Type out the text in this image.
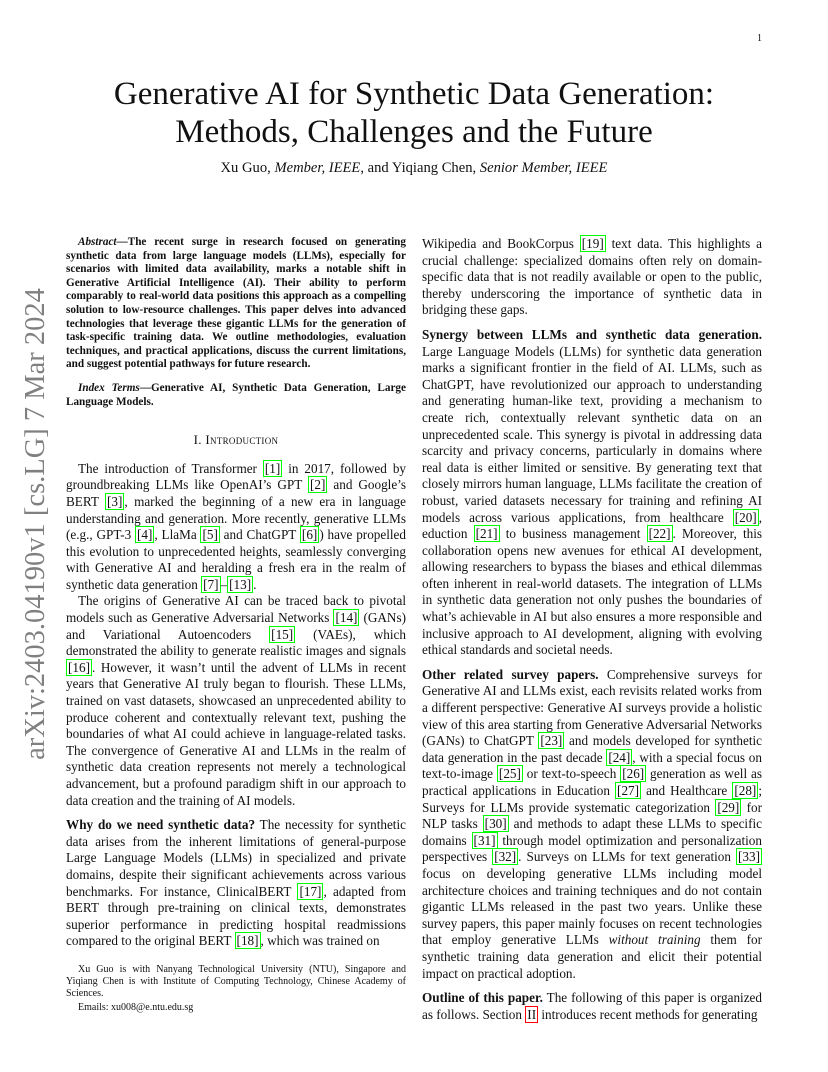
1
arXiv:2403.04190v1 [cs.LG] 7 Mar 2024
Generative AI for Synthetic Data Generation:
Methods, Challenges and the Future
Xu Guo, Member, IEEE, and Yiqiang Chen, Senior Member, IEEE

Abstract—The recent surge in research focused on generating synthetic data from large language models (LLMs), especially for scenarios with limited data availability, marks a notable shift in Generative Artificial Intelligence (AI). Their ability to perform comparably to real-world data positions this approach as a compelling solution to low-resource challenges. This paper delves into advanced technologies that leverage these gigantic LLMs for the generation of task-specific training data. We outline methodologies, evaluation techniques, and practical applications, discuss the current limitations, and suggest potential pathways for future research.

Index Terms—Generative AI, Synthetic Data Generation, Large Language Models.

I. Introduction

The introduction of Transformer [1] in 2017, followed by groundbreaking LLMs like OpenAI’s GPT [2] and Google’s BERT [3] , marked the beginning of a new era in language understanding and generation. More recently, generative LLMs (e.g., GPT-3 [4] , LlaMa [5] and ChatGPT [6] ) have propelled this evolution to unprecedented heights, seamlessly converging with Generative AI and heralding a fresh era in the realm of synthetic data generation [7] – [13] .

The origins of Generative AI can be traced back to pivotal models such as Generative Adversarial Networks [14] (GANs) and Variational Autoencoders [15] (VAEs), which demonstrated the ability to generate realistic images and signals [16] . However, it wasn’t until the advent of LLMs in recent years that Generative AI truly began to flourish. These LLMs, trained on vast datasets, showcased an unprecedented ability to produce coherent and contextually relevant text, pushing the boundaries of what AI could achieve in language-related tasks. The convergence of Generative AI and LLMs in the realm of synthetic data creation represents not merely a technological advancement, but a profound paradigm shift in our approach to data creation and the training of AI models.

Why do we need synthetic data? The necessity for synthetic data arises from the inherent limitations of general-purpose Large Language Models (LLMs) in specialized and private domains, despite their significant achievements across various benchmarks. For instance, ClinicalBERT [17] , adapted from BERT through pre-training on clinical texts, demonstrates superior performance in predicting hospital readmissions compared to the original BERT [18] , which was trained on

Xu Guo is with Nanyang Technological University (NTU), Singapore and Yiqiang Chen is with Institute of Computing Technology, Chinese Academy of Sciences.

Emails: xu008@e.ntu.edu.sg

Wikipedia and BookCorpus [19] text data. This highlights a crucial challenge: specialized domains often rely on domain-specific data that is not readily available or open to the public, thereby underscoring the importance of synthetic data in bridging these gaps.

Synergy between LLMs and synthetic data generation. Large Language Models (LLMs) for synthetic data generation marks a significant frontier in the field of AI. LLMs, such as ChatGPT, have revolutionized our approach to understanding and generating human-like text, providing a mechanism to create rich, contextually relevant synthetic data on an unprecedented scale. This synergy is pivotal in addressing data scarcity and privacy concerns, particularly in domains where real data is either limited or sensitive. By generating text that closely mirrors human language, LLMs facilitate the creation of robust, varied datasets necessary for training and refining AI models across various applications, from healthcare [20] , eduction [21] to business management [22] . Moreover, this collaboration opens new avenues for ethical AI development, allowing researchers to bypass the biases and ethical dilemmas often inherent in real-world datasets. The integration of LLMs in synthetic data generation not only pushes the boundaries of what’s achievable in AI but also ensures a more responsible and inclusive approach to AI development, aligning with evolving ethical standards and societal needs.

Other related survey papers. Comprehensive surveys for Generative AI and LLMs exist, each revisits related works from a different perspective: Generative AI surveys provide a holistic view of this area starting from Generative Adversarial Networks (GANs) to ChatGPT [23] and models developed for synthetic data generation in the past decade [24] , with a special focus on text-to-image [25] or text-to-speech [26] generation as well as practical applications in Education [27] and Healthcare [28] ; Surveys for LLMs provide systematic categorization [29] for NLP tasks [30] and methods to adapt these LLMs to specific domains [31] through model optimization and personalization perspectives [32] . Surveys on LLMs for text generation [33] focus on developing generative LLMs including model architecture choices and training techniques and do not contain gigantic LLMs released in the past two years. Unlike these survey papers, this paper mainly focuses on recent technologies that employ generative LLMs without training them for synthetic training data generation and elicit their potential impact on practical adoption.

Outline of this paper. The following of this paper is organized as follows. Section II introduces recent methods for generating
